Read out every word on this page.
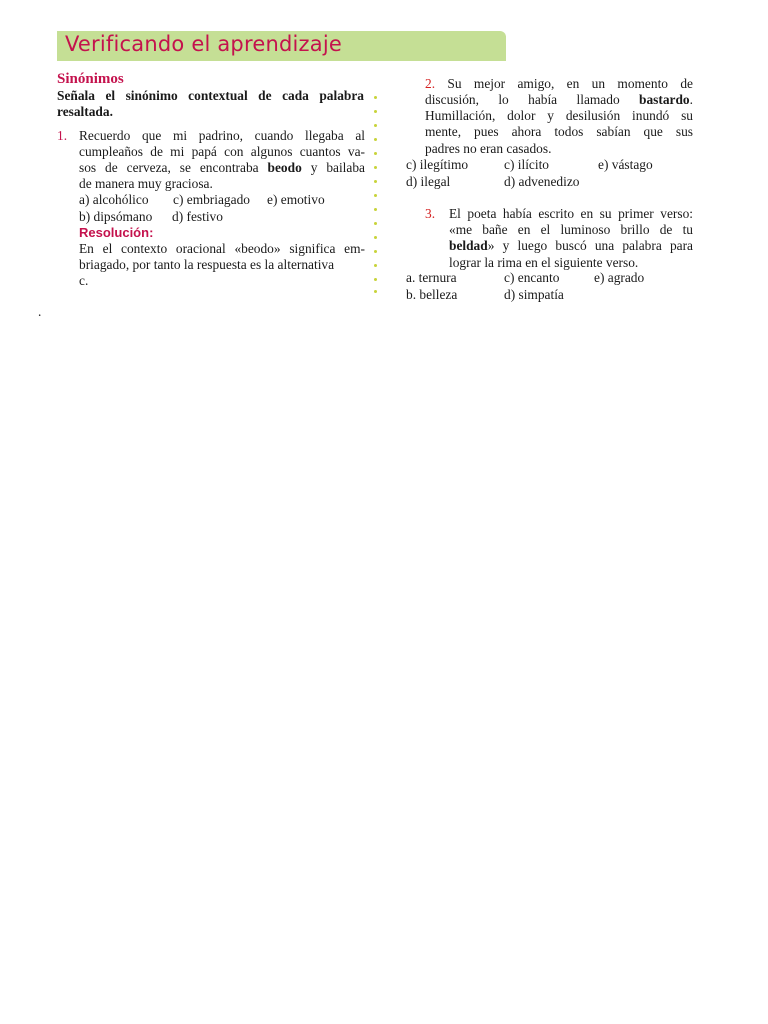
Verificando el aprendizaje
Sinónimos
Señala el sinónimo contextual de cada palabra resaltada.
1. Recuerdo que mi padrino, cuando llegaba al
cumpleaños de mi papá con algunos cuantos va-
sos de cerveza, se encontraba beodo y bailaba
de manera muy graciosa.
a) alcohólico c) embriagado e) emotivo
b) dipsómano d) festivo
Resolución:
En el contexto oracional «beodo» significa em-
briagado, por tanto la respuesta es la alternativa
c.
2. Su mejor amigo, en un momento de
discusión, lo había llamado bastardo.
Humillación, dolor y desilusión inundó su
mente, pues ahora todos sabían que sus
padres no eran casados.
c) ilegítimo	c) ilícito	e) vástago
d) ilegal	d) advenedizo
3. El poeta había escrito en su primer verso:
«me bañe en el luminoso brillo de tu
beldad» y luego buscó una palabra para
lograr la rima en el siguiente verso.
a. ternura	c) encanto	e) agrado
b. belleza	d) simpatía
.
